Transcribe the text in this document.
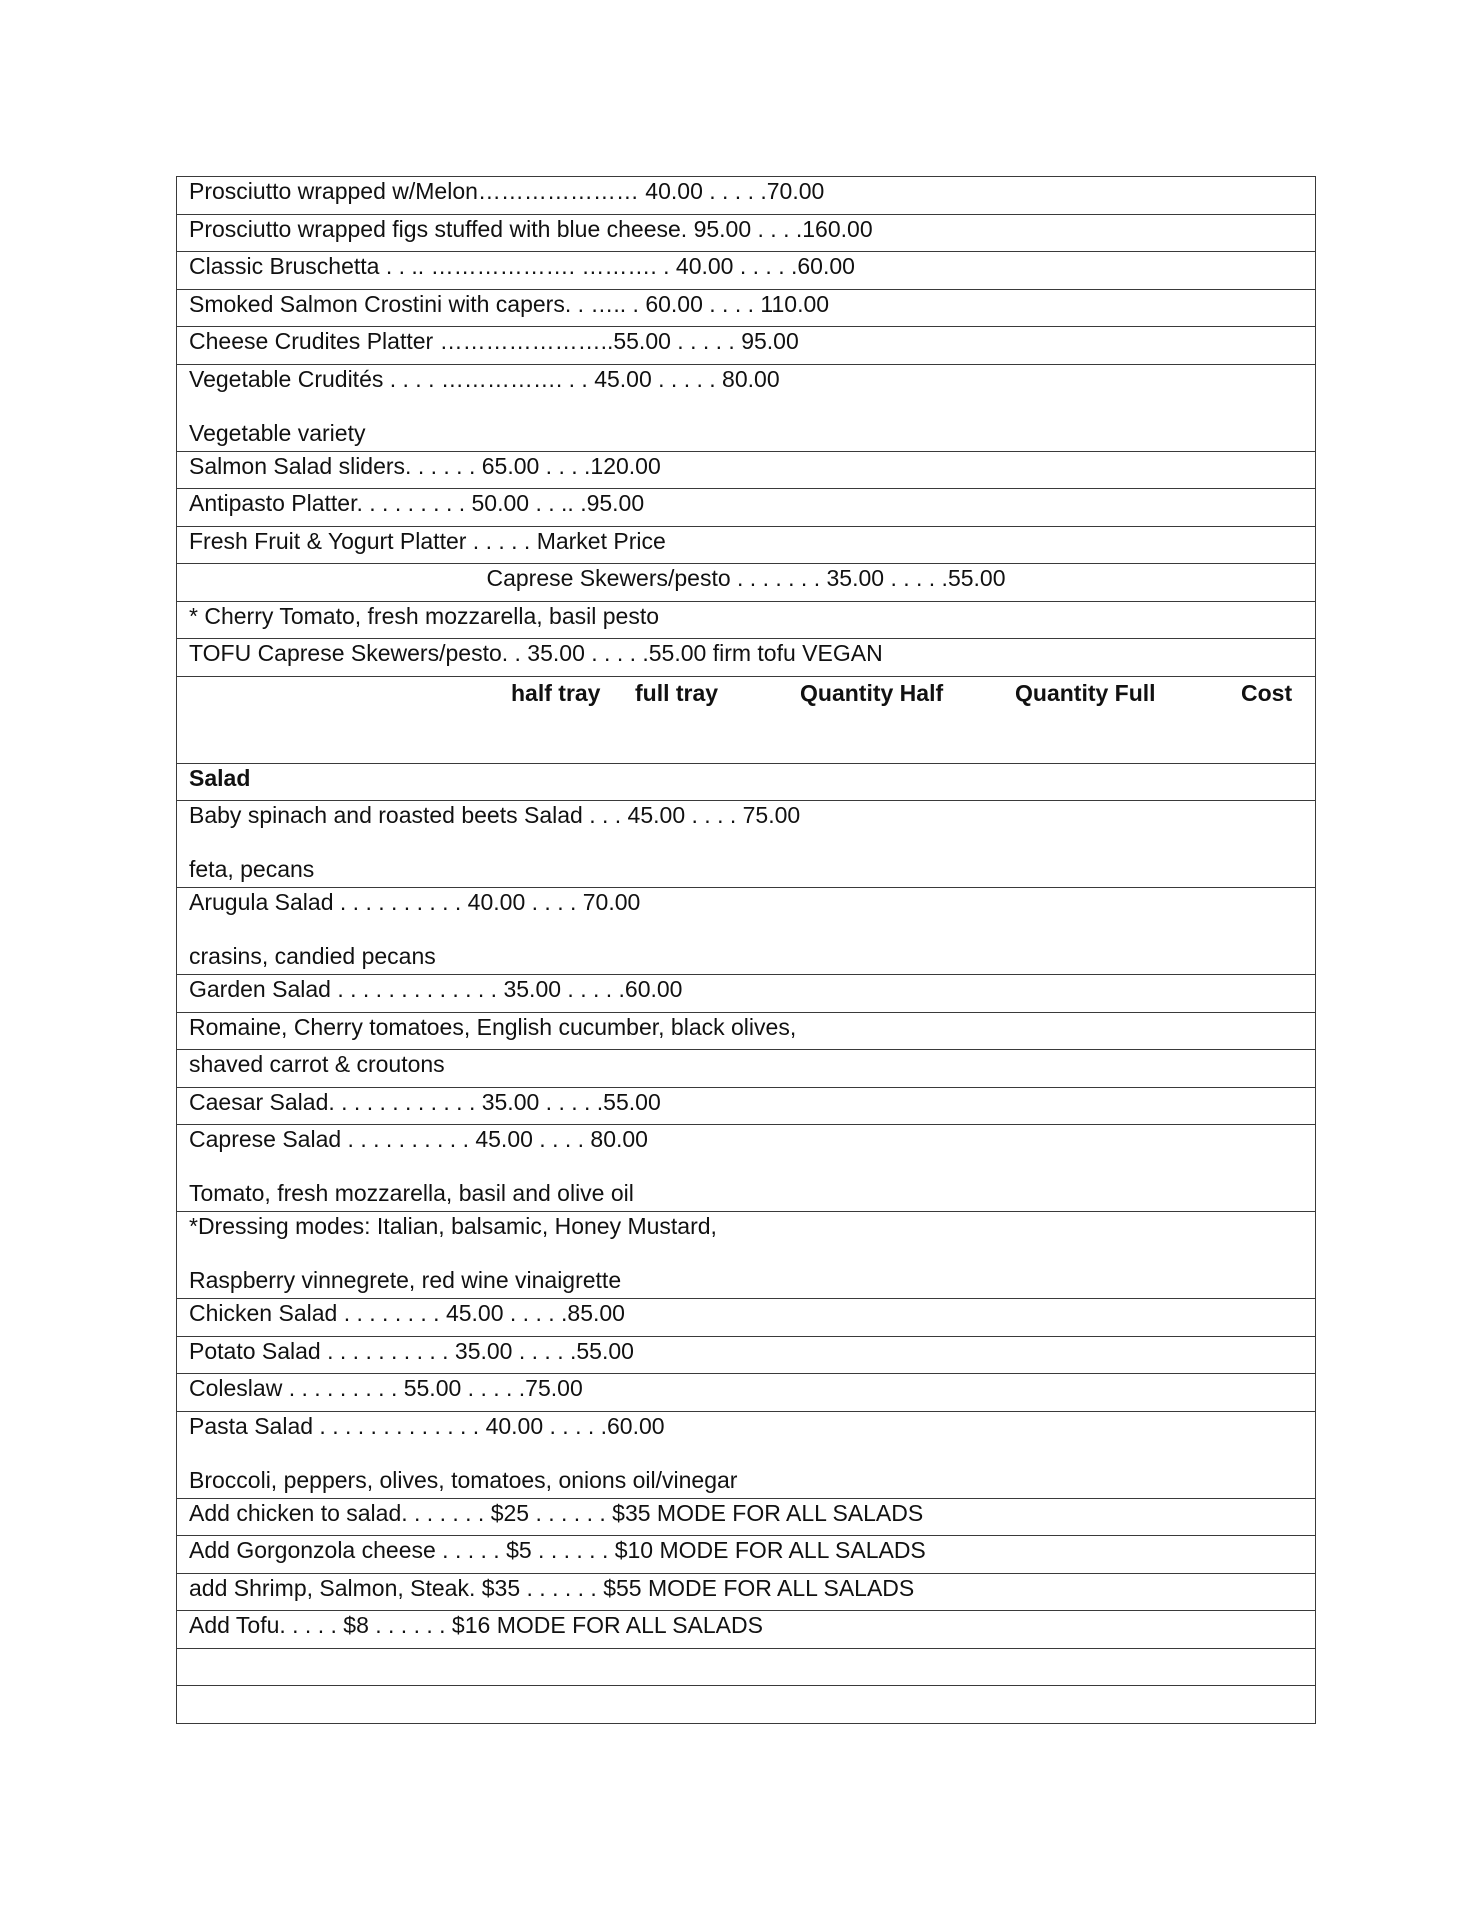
Prosciutto wrapped w/Melon………………… 40.00 . . . . .70.00
Prosciutto wrapped figs stuffed with blue cheese. 95.00 . . . .160.00
Classic Bruschetta . . .. ………………. ………. . 40.00 . . . . .60.00
Smoked Salmon Crostini with capers. . ….. . 60.00 . . . . 110.00
Cheese Crudites Platter …………………..55.00 . . . . . 95.00
Vegetable Crudités . . . . ……………. . . 45.00 . . . . . 80.00
Vegetable variety

Salmon Salad sliders. . . . . . 65.00 . . . .120.00
Antipasto Platter. . . . . . . . . 50.00 . . .. .95.00
Fresh Fruit & Yogurt Platter . . . . . Market Price
Caprese Skewers/pesto . . . . . . . 35.00 . . . . .55.00
* Cherry Tomato, fresh mozzarella, basil pesto
TOFU Caprese Skewers/pesto. . 35.00 . . . . .55.00 firm tofu VEGAN

half tray full tray	Quantity Half	Quantity Full	Cost

Salad
Baby spinach and roasted beets Salad . . . 45.00 . . . . 75.00
feta, pecans

Arugula Salad . . . . . . . . . . 40.00 . . . . 70.00
crasins, candied pecans

Garden Salad . . . . . . . . . . . . . 35.00 . . . . .60.00
Romaine, Cherry tomatoes, English cucumber, black olives,
shaved carrot & croutons
Caesar Salad. . . . . . . . . . . . 35.00 . . . . .55.00
Caprese Salad . . . . . . . . . . 45.00 . . . . 80.00
Tomato, fresh mozzarella, basil and olive oil

*Dressing modes: Italian, balsamic, Honey Mustard,
Raspberry vinnegrete, red wine vinaigrette

Chicken Salad . . . . . . . . 45.00 . . . . .85.00
Potato Salad . . . . . . . . . . 35.00 . . . . .55.00
Coleslaw . . . . . . . . . 55.00 . . . . .75.00
Pasta Salad . . . . . . . . . . . . . 40.00 . . . . .60.00
Broccoli, peppers, olives, tomatoes, onions oil/vinegar

Add chicken to salad. . . . . . . $25 . . . . . . $35 MODE FOR ALL SALADS
Add Gorgonzola cheese . . . . . $5 . . . . . . $10 MODE FOR ALL SALADS
add Shrimp, Salmon, Steak. $35 . . . . . . $55 MODE FOR ALL SALADS
Add Tofu. . . . . $8 . . . . . . $16 MODE FOR ALL SALADS
